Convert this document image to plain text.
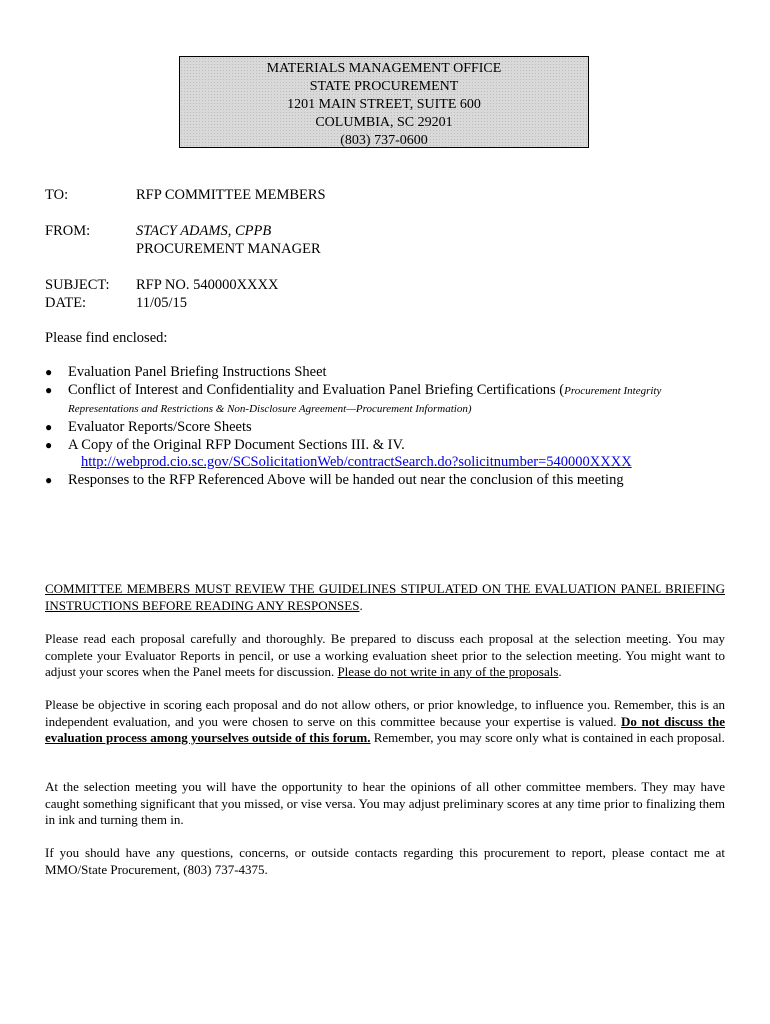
MATERIALS MANAGEMENT OFFICE
STATE PROCUREMENT
1201 MAIN STREET, SUITE 600
COLUMBIA, SC 29201
(803) 737-0600
TO:	RFP COMMITTEE MEMBERS
FROM:	STACY ADAMS, CPPB
PROCUREMENT MANAGER
SUBJECT: RFP NO. 540000XXXX
DATE:	11/05/15
Please find enclosed:
● Evaluation Panel Briefing Instructions Sheet
● Conflict of Interest and Confidentiality and Evaluation Panel Briefing Certifications (Procurement Integrity
Representations and Restrictions & Non-Disclosure Agreement—Procurement Information)
● Evaluator Reports/Score Sheets
● A Copy of the Original RFP Document Sections III. & IV.
http://webprod.cio.sc.gov/SCSolicitationWeb/contractSearch.do?solicitnumber=540000XXXX
● Responses to the RFP Referenced Above will be handed out near the conclusion of this meeting
COMMITTEE MEMBERS MUST REVIEW THE GUIDELINES STIPULATED ON THE EVALUATION PANEL BRIEFING INSTRUCTIONS BEFORE READING ANY RESPONSES.
Please read each proposal carefully and thoroughly. Be prepared to discuss each proposal at the selection meeting. You may complete your Evaluator Reports in pencil, or use a working evaluation sheet prior to the selection meeting. You might want to adjust your scores when the Panel meets for discussion. Please do not write in any of the proposals.
Please be objective in scoring each proposal and do not allow others, or prior knowledge, to influence you. Remember, this is an independent evaluation, and you were chosen to serve on this committee because your expertise is valued. Do not discuss the evaluation process among yourselves outside of this forum. Remember, you may score only what is contained in each proposal.
At the selection meeting you will have the opportunity to hear the opinions of all other committee members. They may have caught something significant that you missed, or vise versa. You may adjust preliminary scores at any time prior to finalizing them in ink and turning them in.
If you should have any questions, concerns, or outside contacts regarding this procurement to report, please contact me at MMO/State Procurement, (803) 737-4375.
